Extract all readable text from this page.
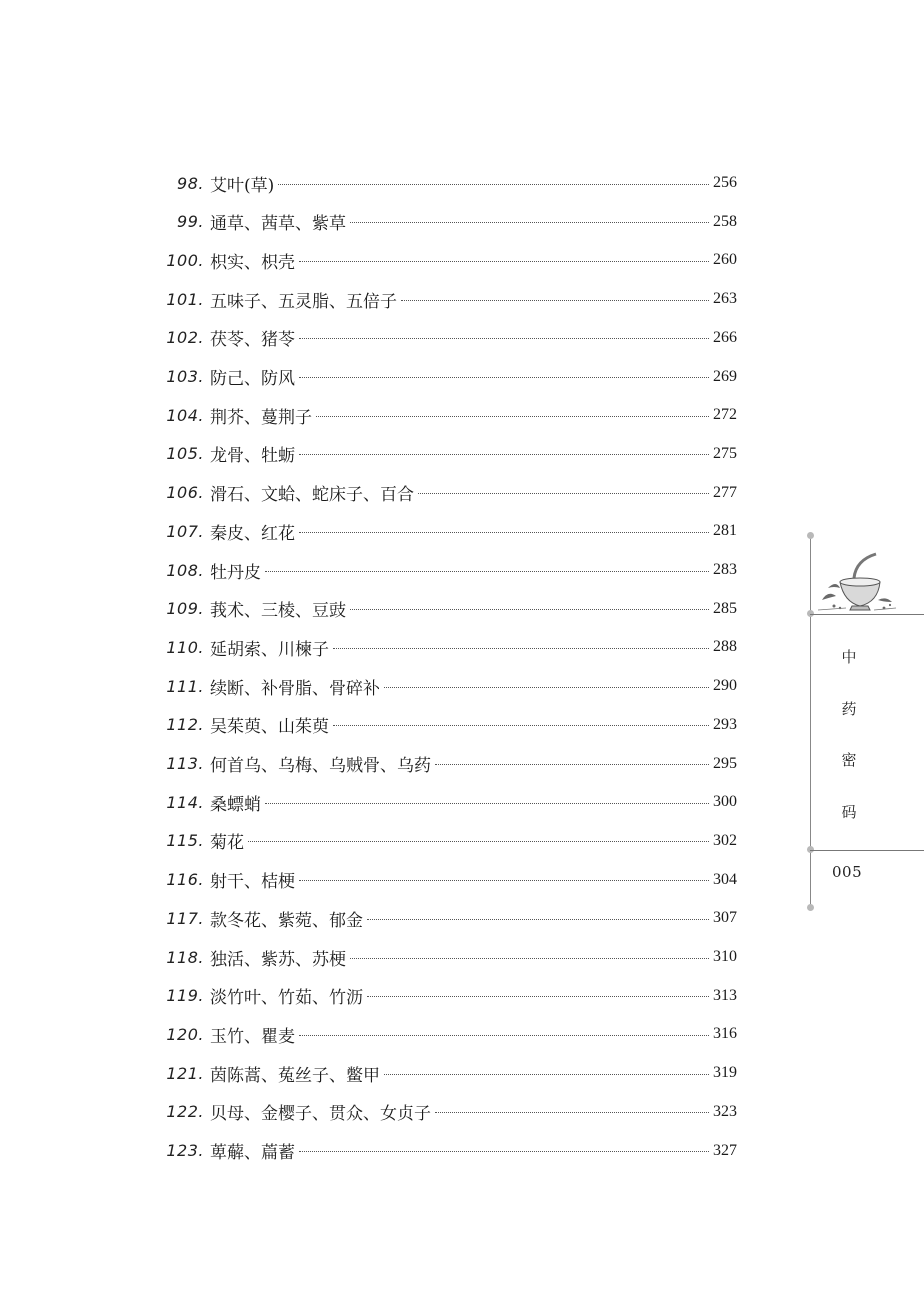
98. 艾叶(草)	256
99. 通草、茜草、紫草	258
100. 枳实、枳壳	260
101. 五味子、五灵脂、五倍子	263
102. 茯苓、猪苓	266
103. 防己、防风	269
104. 荆芥、蔓荆子	272
105. 龙骨、牡蛎	275
106. 滑石、文蛤、蛇床子、百合	277
107. 秦皮、红花	281
108. 牡丹皮	283
109. 莪术、三棱、豆豉	285
110. 延胡索、川楝子	288
111. 续断、补骨脂、骨碎补	290
112. 吴茱萸、山茱萸	293
113. 何首乌、乌梅、乌贼骨、乌药	295
114. 桑螵蛸	300
115. 菊花	302
116. 射干、桔梗	304
117. 款冬花、紫菀、郁金	307
118. 独活、紫苏、苏梗	310
119. 淡竹叶、竹茹、竹沥	313
120. 玉竹、瞿麦	316
121. 茵陈蒿、菟丝子、鳖甲	319
122. 贝母、金樱子、贯众、女贞子	323
123. 萆薢、萹蓄	327
中
药
密
码
005
